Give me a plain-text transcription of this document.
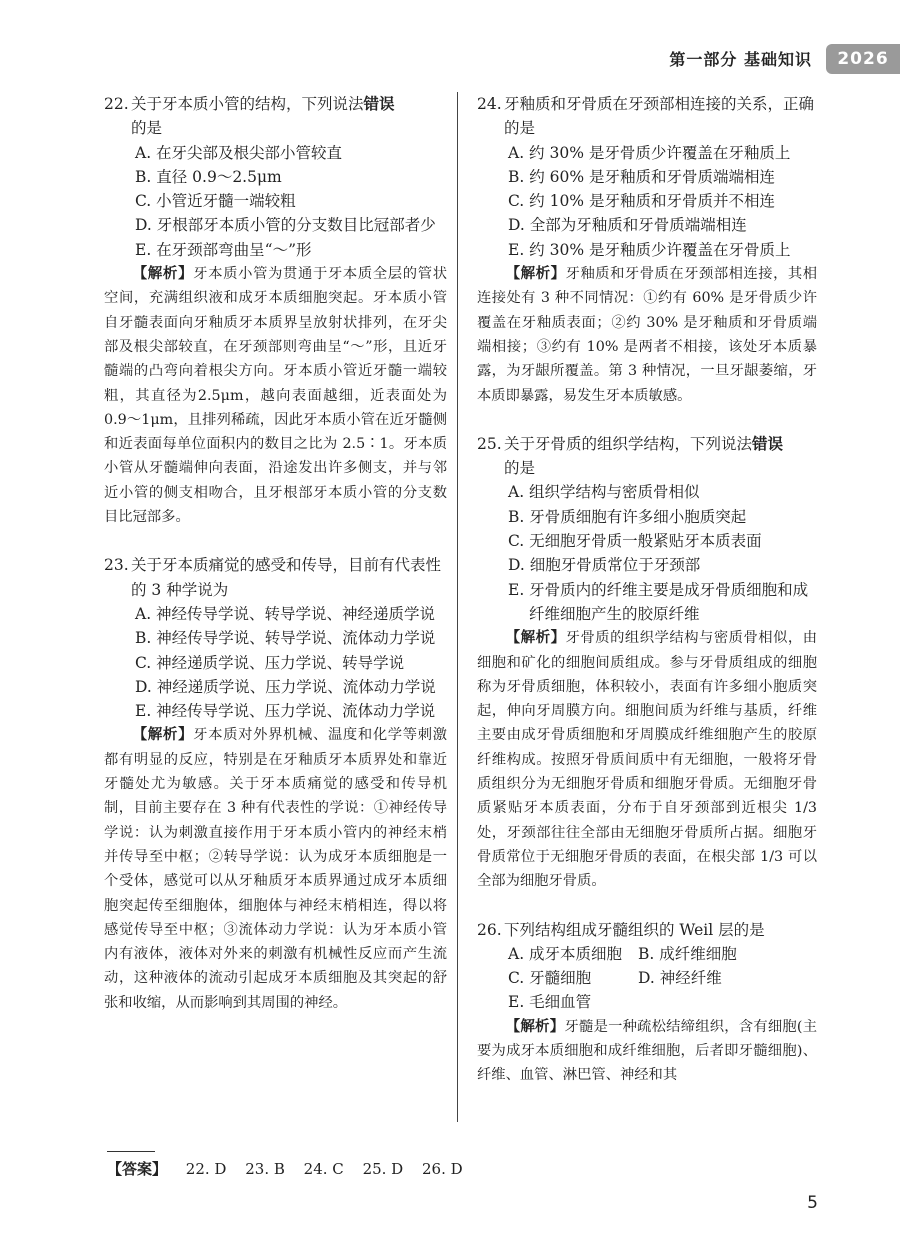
第一部分 基础知识	2026
22. 关于牙本质小管的结构，下列说法错误
的是
A. 在牙尖部及根尖部小管较直
B. 直径 0.9～2.5μm
C. 小管近牙髓一端较粗
D. 牙根部牙本质小管的分支数目比冠部者少
E. 在牙颈部弯曲呈“～”形
【解析】牙本质小管为贯通于牙本质全层的管状空间，充满组织液和成牙本质细胞突起。牙本质小管自牙髓表面向牙釉质牙本质界呈放射状排列，在牙尖部及根尖部较直，在牙颈部则弯曲呈“～”形，且近牙髓端的凸弯向着根尖方向。牙本质小管近牙髓一端较粗，其直径为2.5μm，越向表面越细，近表面处为 0.9～1μm，且排列稀疏，因此牙本质小管在近牙髓侧和近表面每单位面积内的数目之比为 2.5∶1。牙本质小管从牙髓端伸向表面，沿途发出许多侧支，并与邻近小管的侧支相吻合，且牙根部牙本质小管的分支数目比冠部多。
23. 关于牙本质痛觉的感受和传导，目前有代表性的 3 种学说为
A. 神经传导学说、转导学说、神经递质学说
B. 神经传导学说、转导学说、流体动力学说
C. 神经递质学说、压力学说、转导学说
D. 神经递质学说、压力学说、流体动力学说
E. 神经传导学说、压力学说、流体动力学说
【解析】牙本质对外界机械、温度和化学等刺激都有明显的反应，特别是在牙釉质牙本质界处和靠近牙髓处尤为敏感。关于牙本质痛觉的感受和传导机制，目前主要存在 3 种有代表性的学说：①神经传导学说：认为刺激直接作用于牙本质小管内的神经末梢并传导至中枢；②转导学说：认为成牙本质细胞是一个受体，感觉可以从牙釉质牙本质界通过成牙本质细胞突起传至细胞体，细胞体与神经末梢相连，得以将感觉传导至中枢；③流体动力学说：认为牙本质小管内有液体，液体对外来的刺激有机械性反应而产生流动，这种液体的流动引起成牙本质细胞及其突起的舒张和收缩，从而影响到其周围的神经。
24. 牙釉质和牙骨质在牙颈部相连接的关系，正确的是
A. 约 30% 是牙骨质少许覆盖在牙釉质上
B. 约 60% 是牙釉质和牙骨质端端相连
C. 约 10% 是牙釉质和牙骨质并不相连
D. 全部为牙釉质和牙骨质端端相连
E. 约 30% 是牙釉质少许覆盖在牙骨质上
【解析】牙釉质和牙骨质在牙颈部相连接，其相连接处有 3 种不同情况：①约有 60% 是牙骨质少许覆盖在牙釉质表面；②约 30% 是牙釉质和牙骨质端端相接；③约有 10% 是两者不相接，该处牙本质暴露，为牙龈所覆盖。第 3 种情况，一旦牙龈萎缩，牙本质即暴露，易发生牙本质敏感。
25. 关于牙骨质的组织学结构，下列说法错误
的是
A. 组织学结构与密质骨相似
B. 牙骨质细胞有许多细小胞质突起
C. 无细胞牙骨质一般紧贴牙本质表面
D. 细胞牙骨质常位于牙颈部
E. 牙骨质内的纤维主要是成牙骨质细胞和成纤维细胞产生的胶原纤维
【解析】牙骨质的组织学结构与密质骨相似，由细胞和矿化的细胞间质组成。参与牙骨质组成的细胞称为牙骨质细胞，体积较小，表面有许多细小胞质突起，伸向牙周膜方向。细胞间质为纤维与基质，纤维主要由成牙骨质细胞和牙周膜成纤维细胞产生的胶原纤维构成。按照牙骨质间质中有无细胞，一般将牙骨质组织分为无细胞牙骨质和细胞牙骨质。无细胞牙骨质紧贴牙本质表面，分布于自牙颈部到近根尖 1/3 处，牙颈部往往全部由无细胞牙骨质所占据。细胞牙骨质常位于无细胞牙骨质的表面，在根尖部 1/3 可以全部为细胞牙骨质。
26. 下列结构组成牙髓组织的 Weil 层的是
A. 成牙本质细胞	B. 成纤维细胞
C. 牙髓细胞	D. 神经纤维
E. 毛细血管
【解析】牙髓是一种疏松结缔组织，含有细胞(主要为成牙本质细胞和成纤维细胞，后者即牙髓细胞)、纤维、血管、淋巴管、神经和其
【答案】 22. D 23. B 24. C 25. D 26. D
5
